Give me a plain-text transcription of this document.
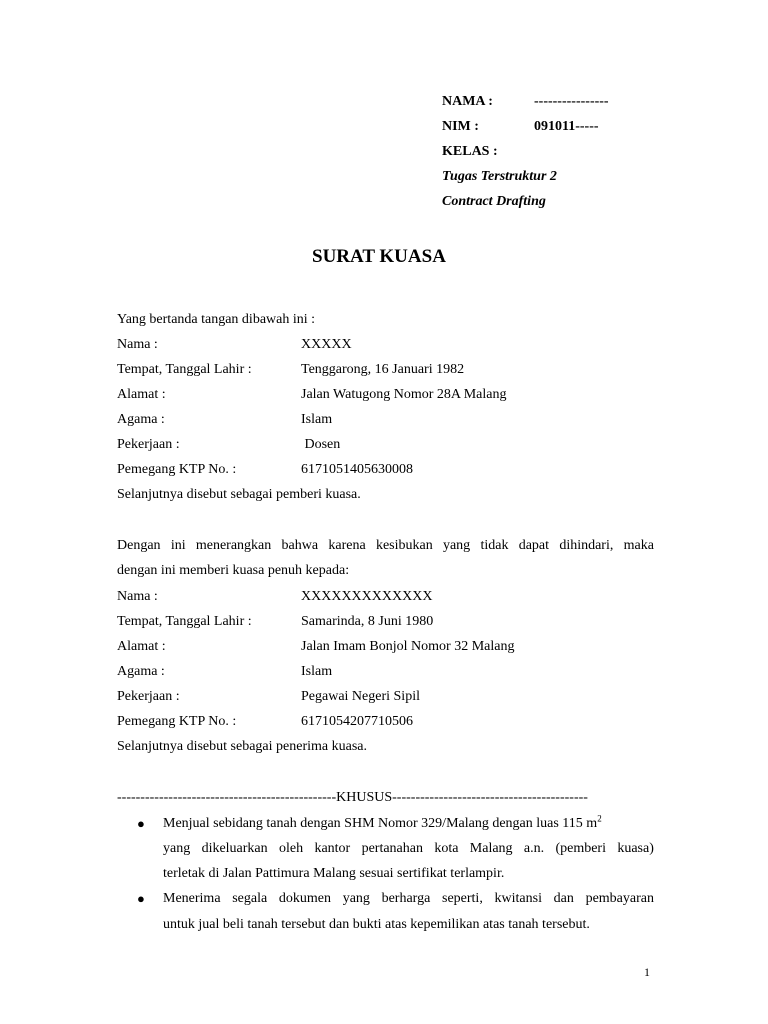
NAMA :	----------------
NIM :	091011-----
KELAS :
Tugas Terstruktur 2
Contract Drafting
SURAT KUASA
Yang bertanda tangan dibawah ini :
Nama :	XXXXX
Tempat, Tanggal Lahir :	Tenggarong, 16 Januari 1982
Alamat :	Jalan Watugong Nomor 28A Malang
Agama :	Islam
Pekerjaan :	Dosen
Pemegang KTP No. :	6171051405630008
Selanjutnya disebut sebagai pemberi kuasa.
Dengan ini menerangkan bahwa karena kesibukan yang tidak dapat dihindari, maka
dengan ini memberi kuasa penuh kepada:
Nama :	XXXXXXXXXXXXX
Tempat, Tanggal Lahir :	Samarinda, 8 Juni 1980
Alamat :	Jalan Imam Bonjol Nomor 32 Malang
Agama :	Islam
Pekerjaan :	Pegawai Negeri Sipil
Pemegang KTP No. :	6171054207710506
Selanjutnya disebut sebagai penerima kuasa.
-----------------------------------------------KHUSUS------------------------------------------
● Menjual sebidang tanah dengan SHM Nomor 329/Malang dengan luas 115 $m^2$
yang dikeluarkan oleh kantor pertanahan kota Malang a.n. (pemberi kuasa)
terletak di Jalan Pattimura Malang sesuai sertifikat terlampir.
● Menerima segala dokumen yang berharga seperti, kwitansi dan pembayaran
untuk jual beli tanah tersebut dan bukti atas kepemilikan atas tanah tersebut.
1
